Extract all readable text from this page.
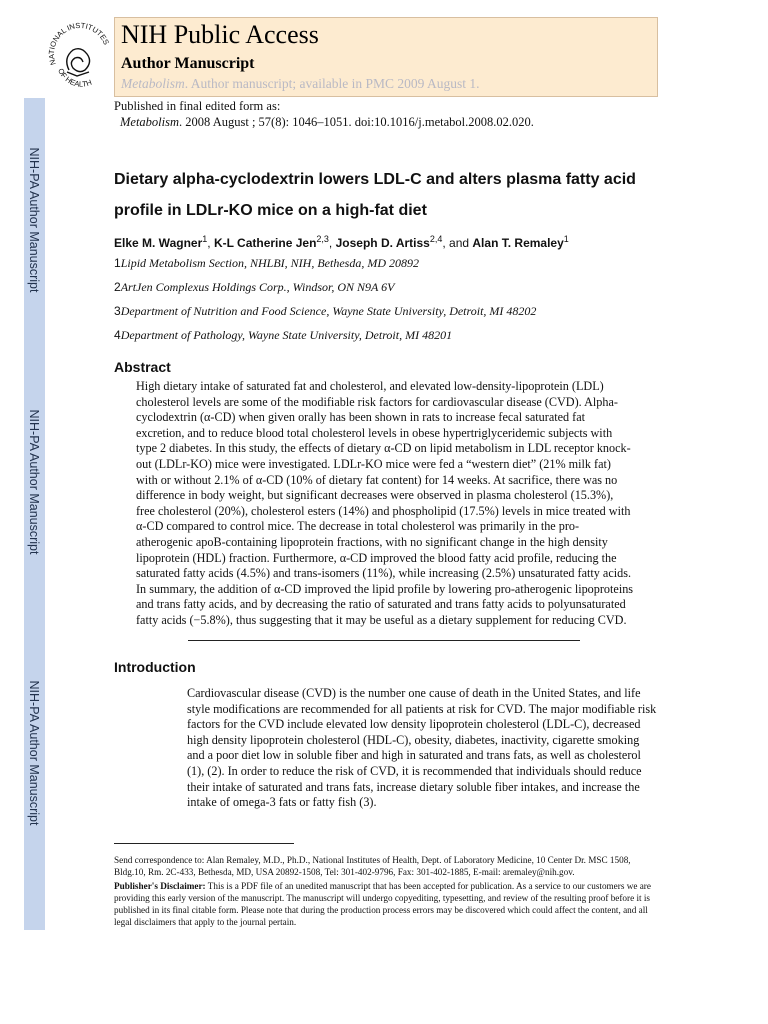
NIH-PA Author Manuscript
NIH-PA Author Manuscript
NIH-PA Author Manuscript
NATIONAL INSTITUTES
OF HEALTH
NIH Public Access
Author Manuscript
Metabolism. Author manuscript; available in PMC 2009 August 1.
Published in final edited form as:
Metabolism. 2008 August ; 57(8): 1046–1051. doi:10.1016/j.metabol.2008.02.020.
Dietary alpha-cyclodextrin lowers LDL-C and alters plasma fatty acid profile in LDLr-KO mice on a high-fat diet
Elke M. Wagner$^1$, K-L Catherine Jen$^{2,3}$, Joseph D. Artiss$^{2,4}$, and Alan T. Remaley$^1$
1Lipid Metabolism Section, NHLBI, NIH, Bethesda, MD 20892
2ArtJen Complexus Holdings Corp., Windsor, ON N9A 6V
3Department of Nutrition and Food Science, Wayne State University, Detroit, MI 48202
4Department of Pathology, Wayne State University, Detroit, MI 48201
Abstract

High dietary intake of saturated fat and cholesterol, and elevated low-density-lipoprotein (LDL) cholesterol levels are some of the modifiable risk factors for cardiovascular disease (CVD). Alpha-cyclodextrin (α-CD) when given orally has been shown in rats to increase fecal saturated fat excretion, and to reduce blood total cholesterol levels in obese hypertriglyceridemic subjects with type 2 diabetes. In this study, the effects of dietary α-CD on lipid metabolism in LDL receptor knock-out (LDLr-KO) mice were investigated. LDLr-KO mice were fed a “western diet” (21% milk fat) with or without 2.1% of α-CD (10% of dietary fat content) for 14 weeks. At sacrifice, there was no difference in body weight, but significant decreases were observed in plasma cholesterol (15.3%), free cholesterol (20%), cholesterol esters (14%) and phospholipid (17.5%) levels in mice treated with α-CD compared to control mice. The decrease in total cholesterol was primarily in the pro-atherogenic apoB-containing lipoprotein fractions, with no significant change in the high density lipoprotein (HDL) fraction. Furthermore, α-CD improved the blood fatty acid profile, reducing the saturated fatty acids (4.5%) and trans-isomers (11%), while increasing (2.5%) unsaturated fatty acids. In summary, the addition of α-CD improved the lipid profile by lowering pro-atherogenic lipoproteins and trans fatty acids, and by decreasing the ratio of saturated and trans fatty acids to polyunsaturated fatty acids (−5.8%), thus suggesting that it may be useful as a dietary supplement for reducing CVD.

Introduction

Cardiovascular disease (CVD) is the number one cause of death in the United States, and life style modifications are recommended for all patients at risk for CVD. The major modifiable risk factors for the CVD include elevated low density lipoprotein cholesterol (LDL-C), decreased high density lipoprotein cholesterol (HDL-C), obesity, diabetes, inactivity, cigarette smoking and a poor diet low in soluble fiber and high in saturated and trans fats, as well as cholesterol (1), (2). In order to reduce the risk of CVD, it is recommended that individuals should reduce their intake of saturated and trans fats, increase dietary soluble fiber intakes, and increase the intake of omega-3 fats or fatty fish (3).

Send correspondence to: Alan Remaley, M.D., Ph.D., National Institutes of Health, Dept. of Laboratory Medicine, 10 Center Dr. MSC 1508, Bldg.10, Rm. 2C-433, Bethesda, MD, USA 20892-1508, Tel: 301-402-9796, Fax: 301-402-1885, E-mail: aremaley@nih.gov.

Publisher's Disclaimer: This is a PDF file of an unedited manuscript that has been accepted for publication. As a service to our customers we are providing this early version of the manuscript. The manuscript will undergo copyediting, typesetting, and review of the resulting proof before it is published in its final citable form. Please note that during the production process errors may be discovered which could affect the content, and all legal disclaimers that apply to the journal pertain.
